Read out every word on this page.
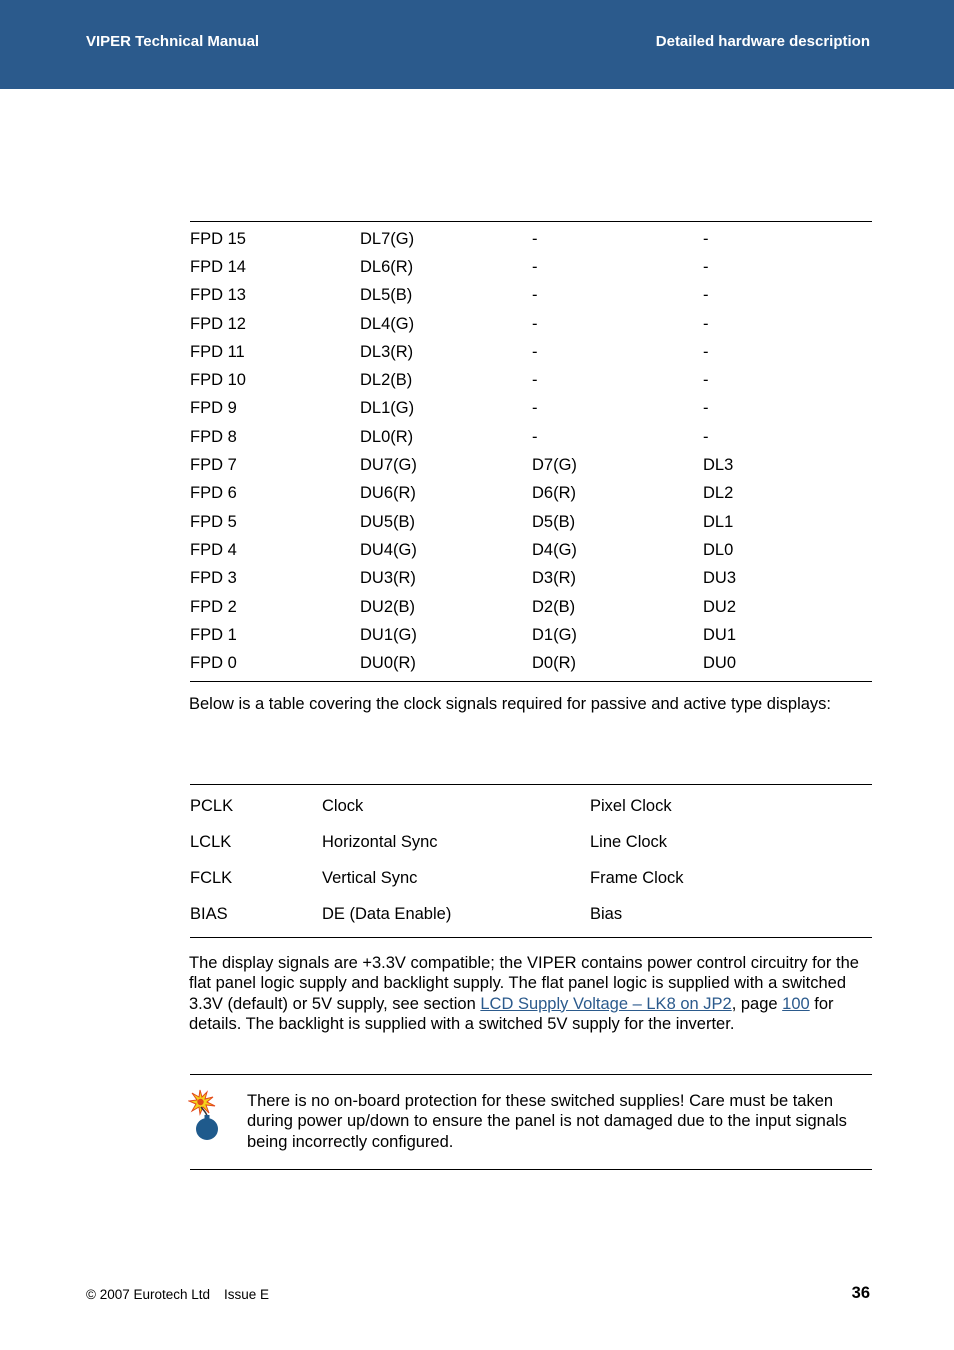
VIPER Technical Manual	Detailed hardware description
FPD 15	DL7(G)	-	-
FPD 14	DL6(R)	-	-
FPD 13	DL5(B)	-	-
FPD 12	DL4(G)	-	-
FPD 11	DL3(R)	-	-
FPD 10	DL2(B)	-	-
FPD 9	DL1(G)	-	-
FPD 8	DL0(R)	-	-
FPD 7	DU7(G)	D7(G)	DL3
FPD 6	DU6(R)	D6(R)	DL2
FPD 5	DU5(B)	D5(B)	DL1
FPD 4	DU4(G)	D4(G)	DL0
FPD 3	DU3(R)	D3(R)	DU3
FPD 2	DU2(B)	D2(B)	DU2
FPD 1	DU1(G)	D1(G)	DU1
FPD 0	DU0(R)	D0(R)	DU0
Below is a table covering the clock signals required for passive and active type displays:
PCLK	Clock	Pixel Clock
LCLK	Horizontal Sync	Line Clock
FCLK	Vertical Sync	Frame Clock
BIAS	DE (Data Enable)	Bias
The display signals are +3.3V compatible; the VIPER contains power control circuitry for the flat panel logic supply and backlight supply. The flat panel logic is supplied with a switched 3.3V (default) or 5V supply, see section LCD Supply Voltage – LK8 on JP2, page 100 for details. The backlight is supplied with a switched 5V supply for the inverter.
There is no on-board protection for these switched supplies! Care must be taken during power up/down to ensure the panel is not damaged due to the input signals being incorrectly configured.
© 2007 Eurotech Ltd Issue E	36
